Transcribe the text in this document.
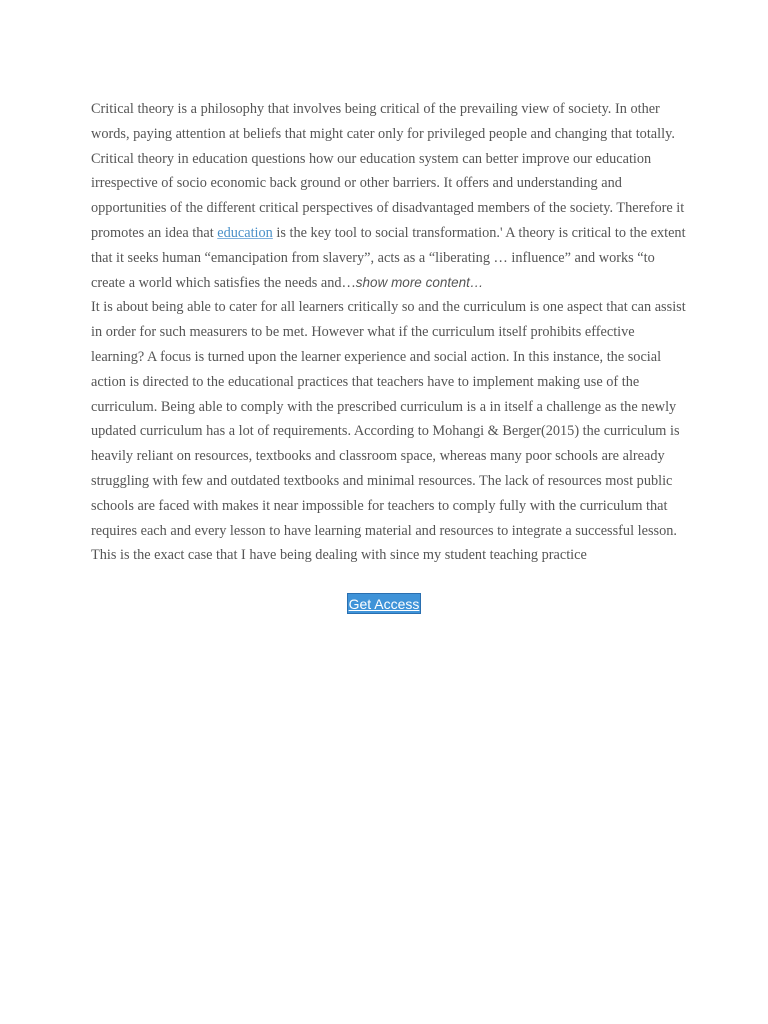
Critical theory is a philosophy that involves being critical of the prevailing view of society. In other words, paying attention at beliefs that might cater only for privileged people and changing that totally. Critical theory in education questions how our education system can better improve our education irrespective of socio economic back ground or other barriers. It offers and understanding and opportunities of the different critical perspectives of disadvantaged members of the society. Therefore it promotes an idea that education is the key tool to social transformation.' A theory is critical to the extent that it seeks human “emancipation from slavery”, acts as a “liberating … influence” and works “to create a world which satisfies the needs and…show more content…

It is about being able to cater for all learners critically so and the curriculum is one aspect that can assist in order for such measurers to be met. However what if the curriculum itself prohibits effective learning? A focus is turned upon the learner experience and social action. In this instance, the social action is directed to the educational practices that teachers have to implement making use of the curriculum. Being able to comply with the prescribed curriculum is a in itself a challenge as the newly updated curriculum has a lot of requirements. According to Mohangi & Berger(2015) the curriculum is heavily reliant on resources, textbooks and classroom space, whereas many poor schools are already struggling with few and outdated textbooks and minimal resources. The lack of resources most public schools are faced with makes it near impossible for teachers to comply fully with the curriculum that requires each and every lesson to have learning material and resources to integrate a successful lesson. This is the exact case that I have being dealing with since my student teaching practice

Get Access
